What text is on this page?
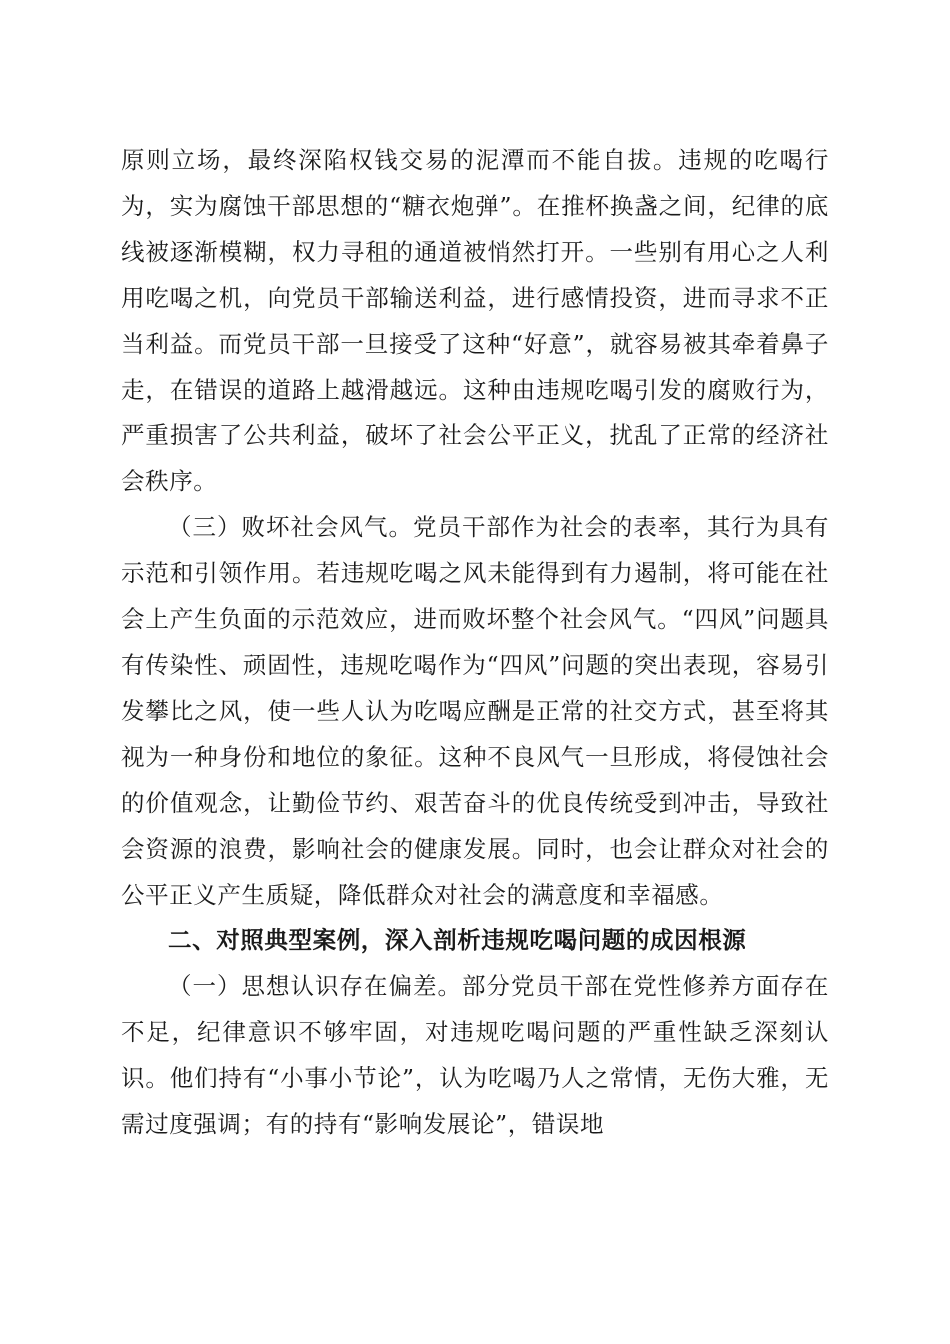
原则立场，最终深陷权钱交易的泥潭而不能自拔。违规的吃喝行为，实为腐蚀干部思想的“糖衣炮弹”。在推杯换盏之间，纪律的底线被逐渐模糊，权力寻租的通道被悄然打开。一些别有用心之人利用吃喝之机，向党员干部输送利益，进行感情投资，进而寻求不正当利益。而党员干部一旦接受了这种“好意”，就容易被其牵着鼻子走，在错误的道路上越滑越远。这种由违规吃喝引发的腐败行为，严重损害了公共利益，破坏了社会公平正义，扰乱了正常的经济社会秩序。

（三）败坏社会风气。党员干部作为社会的表率，其行为具有示范和引领作用。若违规吃喝之风未能得到有力遏制，将可能在社会上产生负面的示范效应，进而败坏整个社会风气。“四风”问题具有传染性、顽固性，违规吃喝作为“四风”问题的突出表现，容易引发攀比之风，使一些人认为吃喝应酬是正常的社交方式，甚至将其视为一种身份和地位的象征。这种不良风气一旦形成，将侵蚀社会的价值观念，让勤俭节约、艰苦奋斗的优良传统受到冲击，导致社会资源的浪费，影响社会的健康发展。同时，也会让群众对社会的公平正义产生质疑，降低群众对社会的满意度和幸福感。

二、对照典型案例，深入剖析违规吃喝问题的成因根源

（一）思想认识存在偏差。部分党员干部在党性修养方面存在不足，纪律意识不够牢固，对违规吃喝问题的严重性缺乏深刻认识。他们持有“小事小节论”，认为吃喝乃人之常情，无伤大雅，无需过度强调；有的持有“影响发展论”，错误地
